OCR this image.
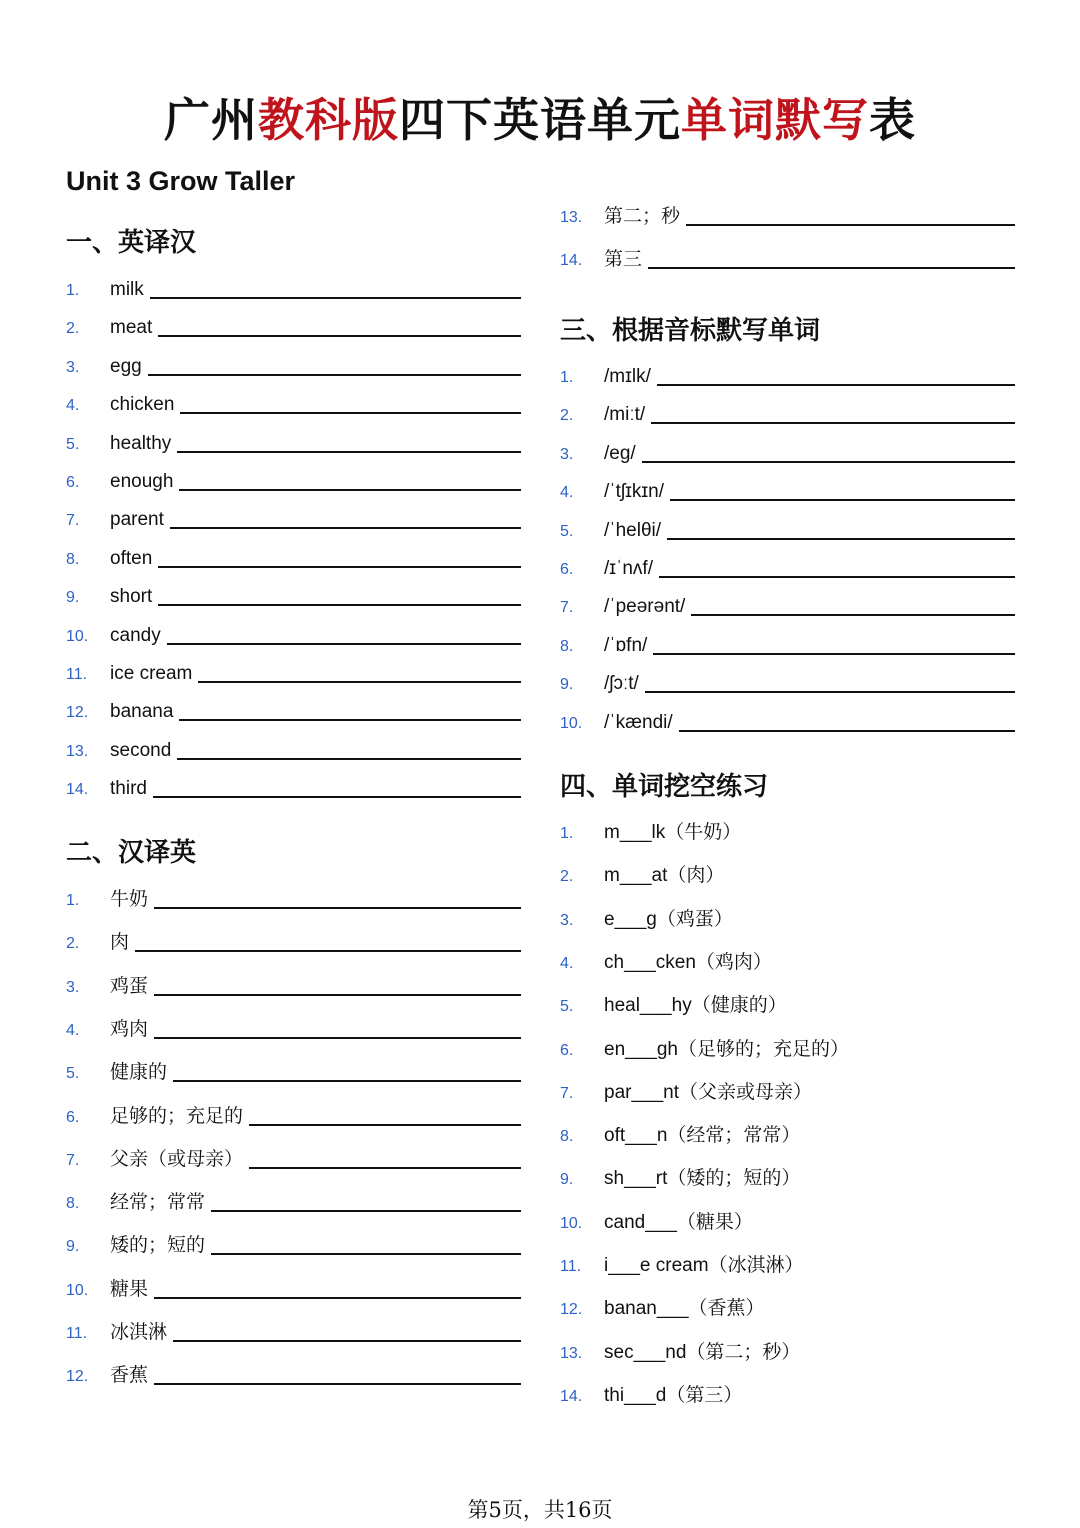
广州教科版四下英语单元单词默写表
Unit 3 Grow Taller
一、英译汉
1.	milk
2.	meat
3.	egg
4.	chicken
5.	healthy
6.	enough
7.	parent
8.	often
9.	short
10.	candy
11.	ice cream
12.	banana
13.	second
14.	third
二、汉译英
1.	牛奶
2.	肉
3.	鸡蛋
4.	鸡肉
5.	健康的
6.	足够的；充足的
7.	父亲（或母亲）
8.	经常；常常
9.	矮的；短的
10.	糖果
11.	冰淇淋
12.	香蕉
13.	第二；秒
14.	第三
三、根据音标默写单词
1.	/mɪlk/
2.	/miːt/
3.	/eg/
4.	/ˈtʃɪkɪn/
5.	/ˈhelθi/
6.	/ɪˈnʌf/
7.	/ˈpeərənt/
8.	/ˈɒfn/
9.	/ʃɔːt/
10.	/ˈkændi/
四、单词挖空练习
1.	m___lk（牛奶）
2.	m___at（肉）
3.	e___g（鸡蛋）
4.	ch___cken（鸡肉）
5.	heal___hy（健康的）
6.	en___gh（足够的；充足的）
7.	par___nt（父亲或母亲）
8.	oft___n（经常；常常）
9.	sh___rt（矮的；短的）
10.	cand___（糖果）
11.	i___e cream（冰淇淋）
12.	banan___（香蕉）
13.	sec___nd（第二；秒）
14.	thi___d（第三）
第5页，共16页
